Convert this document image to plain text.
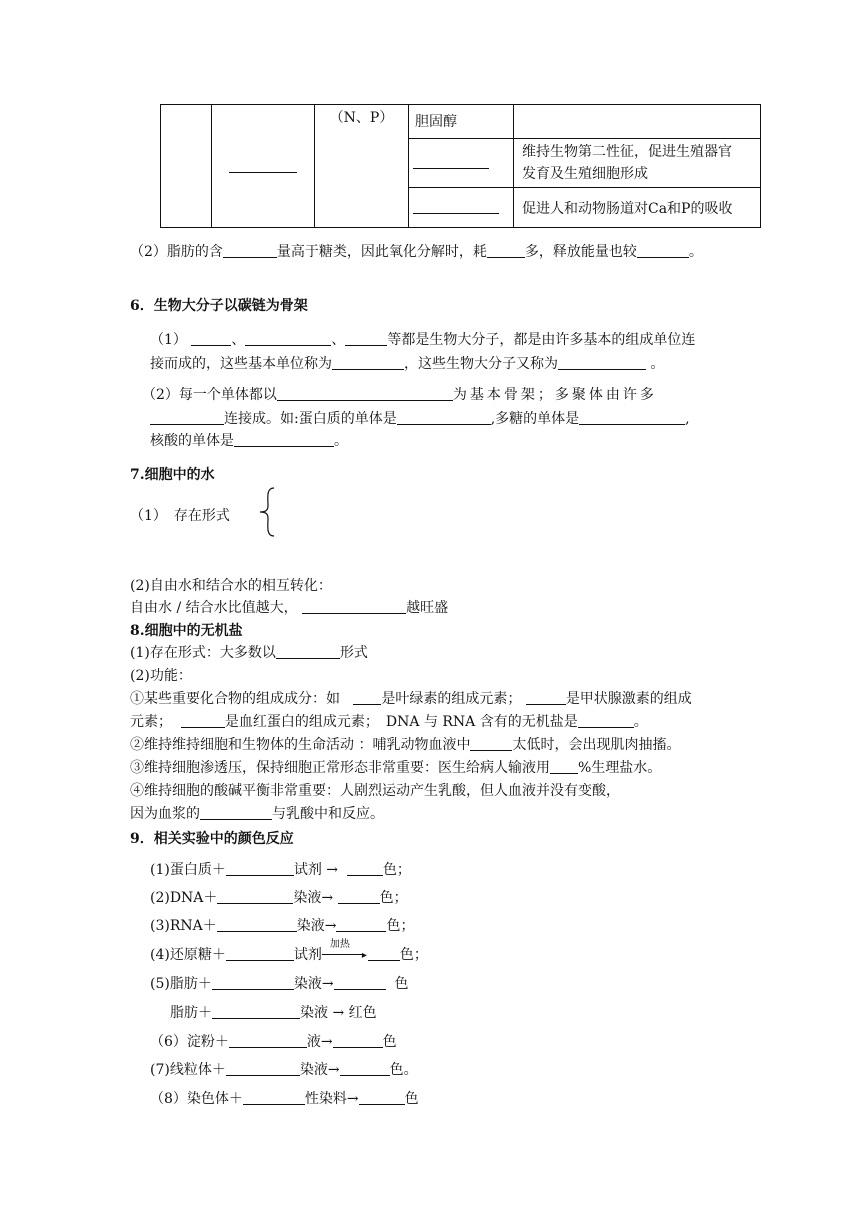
		（N、P）	胆固醇	

				维持生物第二性征，促进生殖器官
发育及生殖细胞形成

				促进人和动物肠道对Ca和P的吸收
（2）脂肪的含	量高于糖类，因此氧化分解时，耗	多，释放能量也较	。
6．生物大分子以碳链为骨架
（1）	、	、	等都是生物大分子，都是由许多基本的组成单位连
接而成的，这些基本单位称为	，这些生物大分子又称为	。
（2）每一个单体都以	为基本骨架；多聚体由许多
连接成。如:蛋白质的单体是	,多糖的单体是	,
核酸的单体是	。
7.细胞中的水
（1）　存在形式
(2)自由水和结合水的相互转化：
自由水 / 结合水比值越大，	越旺盛
8.细胞中的无机盐
(1)存在形式：大多数以	形式
(2)功能：
①某些重要化合物的组成成分：如	是叶绿素的组成元素；	是甲状腺激素的组成
元素；	是血红蛋白的组成元素；　DNA 与 RNA 含有的无机盐是	。
②维持维持细胞和生物体的生命活动 ：哺乳动物血液中	太低时，会出现肌肉抽搐。
③维持细胞渗透压，保持细胞正常形态非常重要：医生给病人输液用 %生理盐水。
④维持细胞的酸碱平衡非常重要：人剧烈运动产生乳酸，但人血液并没有变酸，
因为血浆的	与乳酸中和反应。
9．相关实验中的颜色反应
(1)蛋白质＋	试剂 →	色；
(2)DNA＋	染液→	色；
(3)RNA＋	染液→	色；
(4)还原糖＋	试剂
加热
▸ 色；
(5)脂肪＋	染液→	色
脂肪＋	染液 → 红色
（6）淀粉＋	液→	色
(7)线粒体＋	染液→	色。
（8）染色体＋	性染料→	色
